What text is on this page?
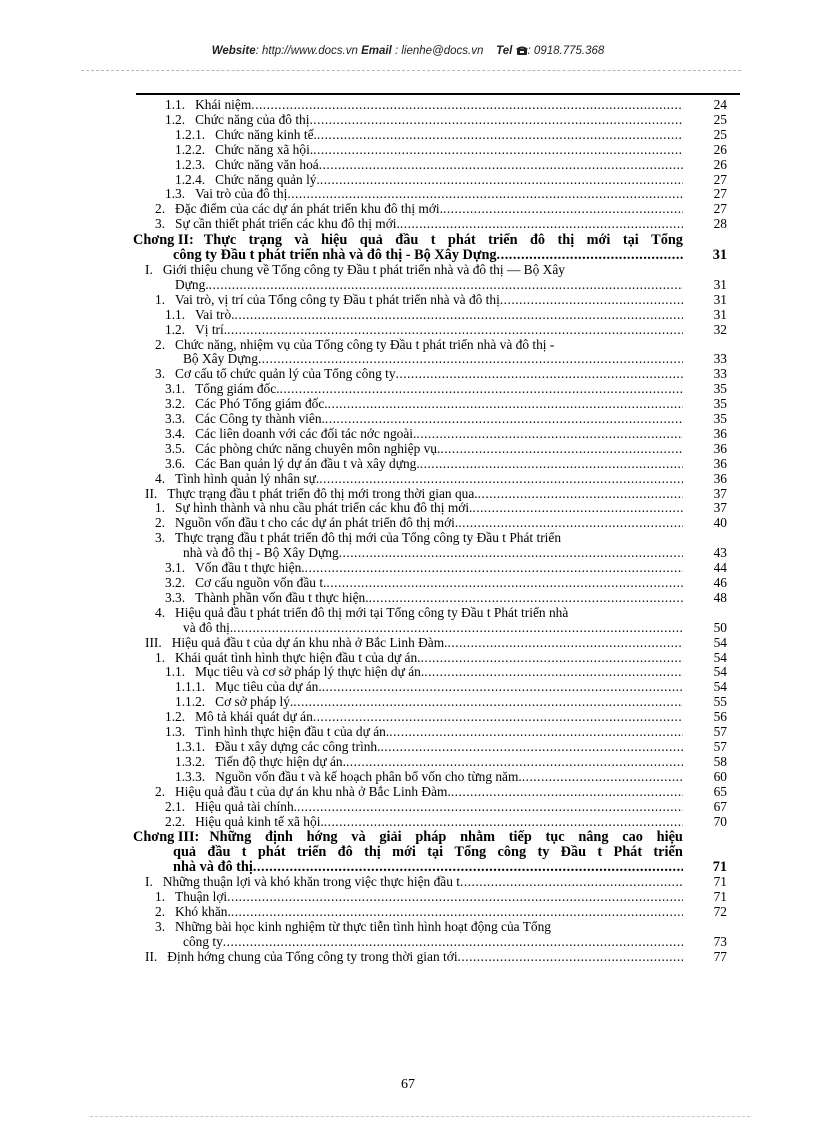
Website: http://www.docs.vn Email : lienhe@docs.vn Tel : 0918.775.368
1.1. Khái niệm .....	24
1.2. Chức năng của đô thị .....	25
1.2.1. Chức năng kinh tế. .....	25
1.2.2. Chức năng xã hội. .....	26
1.2.3. Chức năng văn hoá .....	26
1.2.4. Chức năng quản lý. .....	27
1.3. Vai trò của đô thị .....	27
2. Đặc điểm của các dự án phát triển khu đô thị mới. .....	27
3. Sự cần thiết phát triển các khu đô thị mới. .....	28
Chơng II: Thực trạng và hiệu quả đầu t phát triển đô thị mới tại Tổng
công ty Đầu t phát triển nhà và đô thị - Bộ Xây Dựng .....	31
I. Giới thiệu chung về Tổng công ty Đầu t phát triển nhà và đô thị — Bộ Xây
Dựng. .....	31
1. Vai trò, vị trí của Tổng công ty Đầu t phát triển nhà và đô thị .....	31
1.1. Vai trò. .....	31
1.2. Vị trí. .....	32
2. Chức năng, nhiệm vụ của Tổng công ty Đầu t phát triển nhà và đô thị -
Bộ Xây Dựng .....	33
3. Cơ cấu tổ chức quản lý của Tổng công ty .....	33
3.1. Tổng giám đốc. .....	35
3.2. Các Phó Tổng giám đốc. .....	35
3.3. Các Công ty thành viên. .....	35
3.4. Các liên doanh với các đối tác nớc ngoài. .....	36
3.5. Các phòng chức năng chuyên môn nghiệp vụ. .....	36
3.6. Các Ban quản lý dự án đầu t và xây dựng. .....	36
4. Tình hình quản lý nhân sự. .....	36
II. Thực trạng đầu t phát triển đô thị mới trong thời gian qua. .....	37
1. Sự hình thành và nhu cầu phát triển các khu đô thị mới. .....	37
2. Nguồn vốn đầu t cho các dự án phát triển đô thị mới. .....	40
3. Thực trạng đầu t phát triển đô thị mới của Tổng công ty Đầu t Phát triển
nhà và đô thị - Bộ Xây Dựng .....	43
3.1. Vốn đầu t thực hiện. .....	44
3.2. Cơ cấu nguồn vốn đầu t. .....	46
3.3. Thành phần vốn đầu t thực hiện. .....	48
4. Hiệu quả đầu t phát triển đô thị mới tại Tổng công ty Đầu t Phát triển nhà
và đô thị. .....	50
III. Hiệu quả đầu t của dự án khu nhà ở Bắc Linh Đàm. .....	54
1. Khái quát tình hình thực hiện đầu t của dự án. .....	54
1.1. Mục tiêu và cơ sở pháp lý thực hiện dự án. .....	54
1.1.1. Mục tiêu của dự án. .....	54
1.1.2. Cơ sở pháp lý. .....	55
1.2. Mô tả khái quát dự án .....	56
1.3. Tình hình thực hiện đầu t của dự án. .....	57
1.3.1. Đầu t xây dựng các công trình. .....	57
1.3.2. Tiến độ thực hiện dự án. .....	58
1.3.3. Nguồn vốn đầu t và kế hoạch phân bổ vốn cho từng năm. .....	60
2. Hiệu quả đầu t của dự án khu nhà ở Bắc Linh Đàm. .....	65
2.1. Hiệu quả tài chính. .....	67
2.2. Hiệu quả kinh tế xã hội. .....	70
Chơng III: Những định hớng và giải pháp nhằm tiếp tục nâng cao hiệu
quả đầu t phát triển đô thị mới tại Tổng công ty Đầu t Phát triển
nhà và đô thị .....	71
I. Những thuận lợi và khó khăn trong việc thực hiện đầu t .....	71
1. Thuận lợi .....	71
2. Khó khăn. .....	72
3. Những bài học kinh nghiệm từ thực tiễn tình hình hoạt động của Tổng
công ty .....	73
II. Định hớng chung của Tổng công ty trong thời gian tới .....	77
67
